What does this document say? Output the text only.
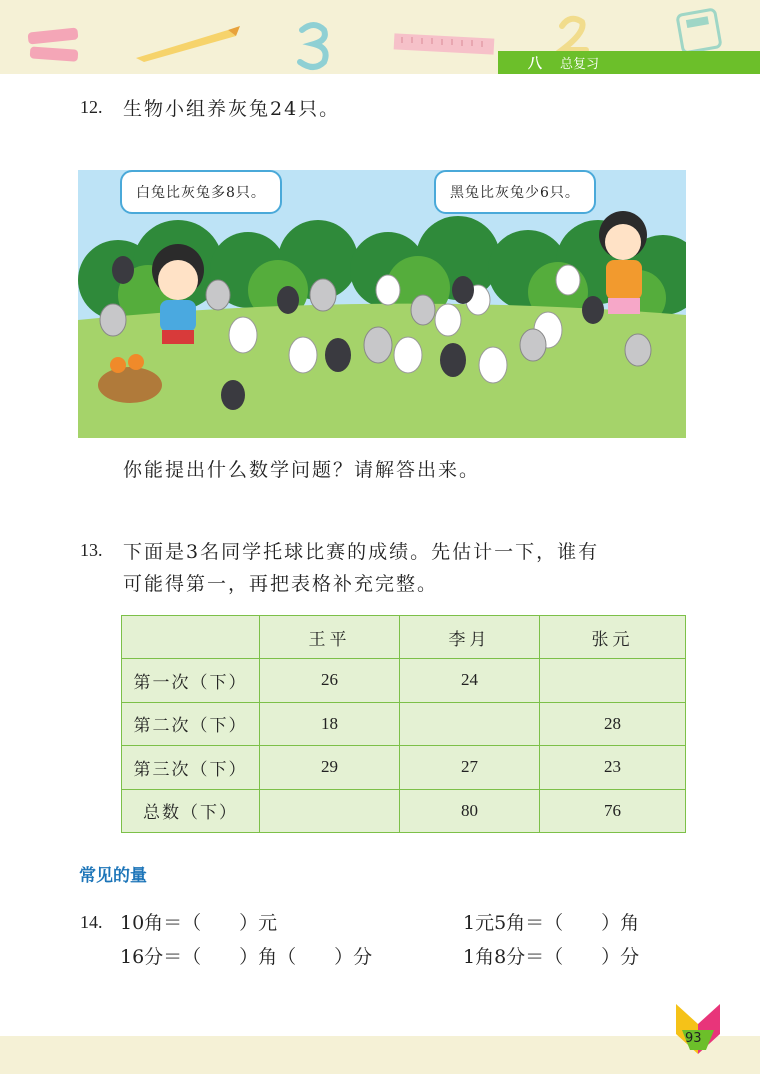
八 总复习
12. 生物小组养灰兔24只。
白兔比灰兔多8只。	黑兔比灰兔少6只。
你能提出什么数学问题？请解答出来。
13. 下面是3名同学托球比赛的成绩。先估计一下，谁有
可能得第一，再把表格补充完整。
	王平	李月	张元
第一次（下）	26	24	
第二次（下）	18		28
第三次（下）	29	27	23
总数（下）		80	76
常见的量
14. 10角＝（　　）元	1元5角＝（　　）角
16分＝（　　）角（　　）分	1角8分＝（　　）分
93
